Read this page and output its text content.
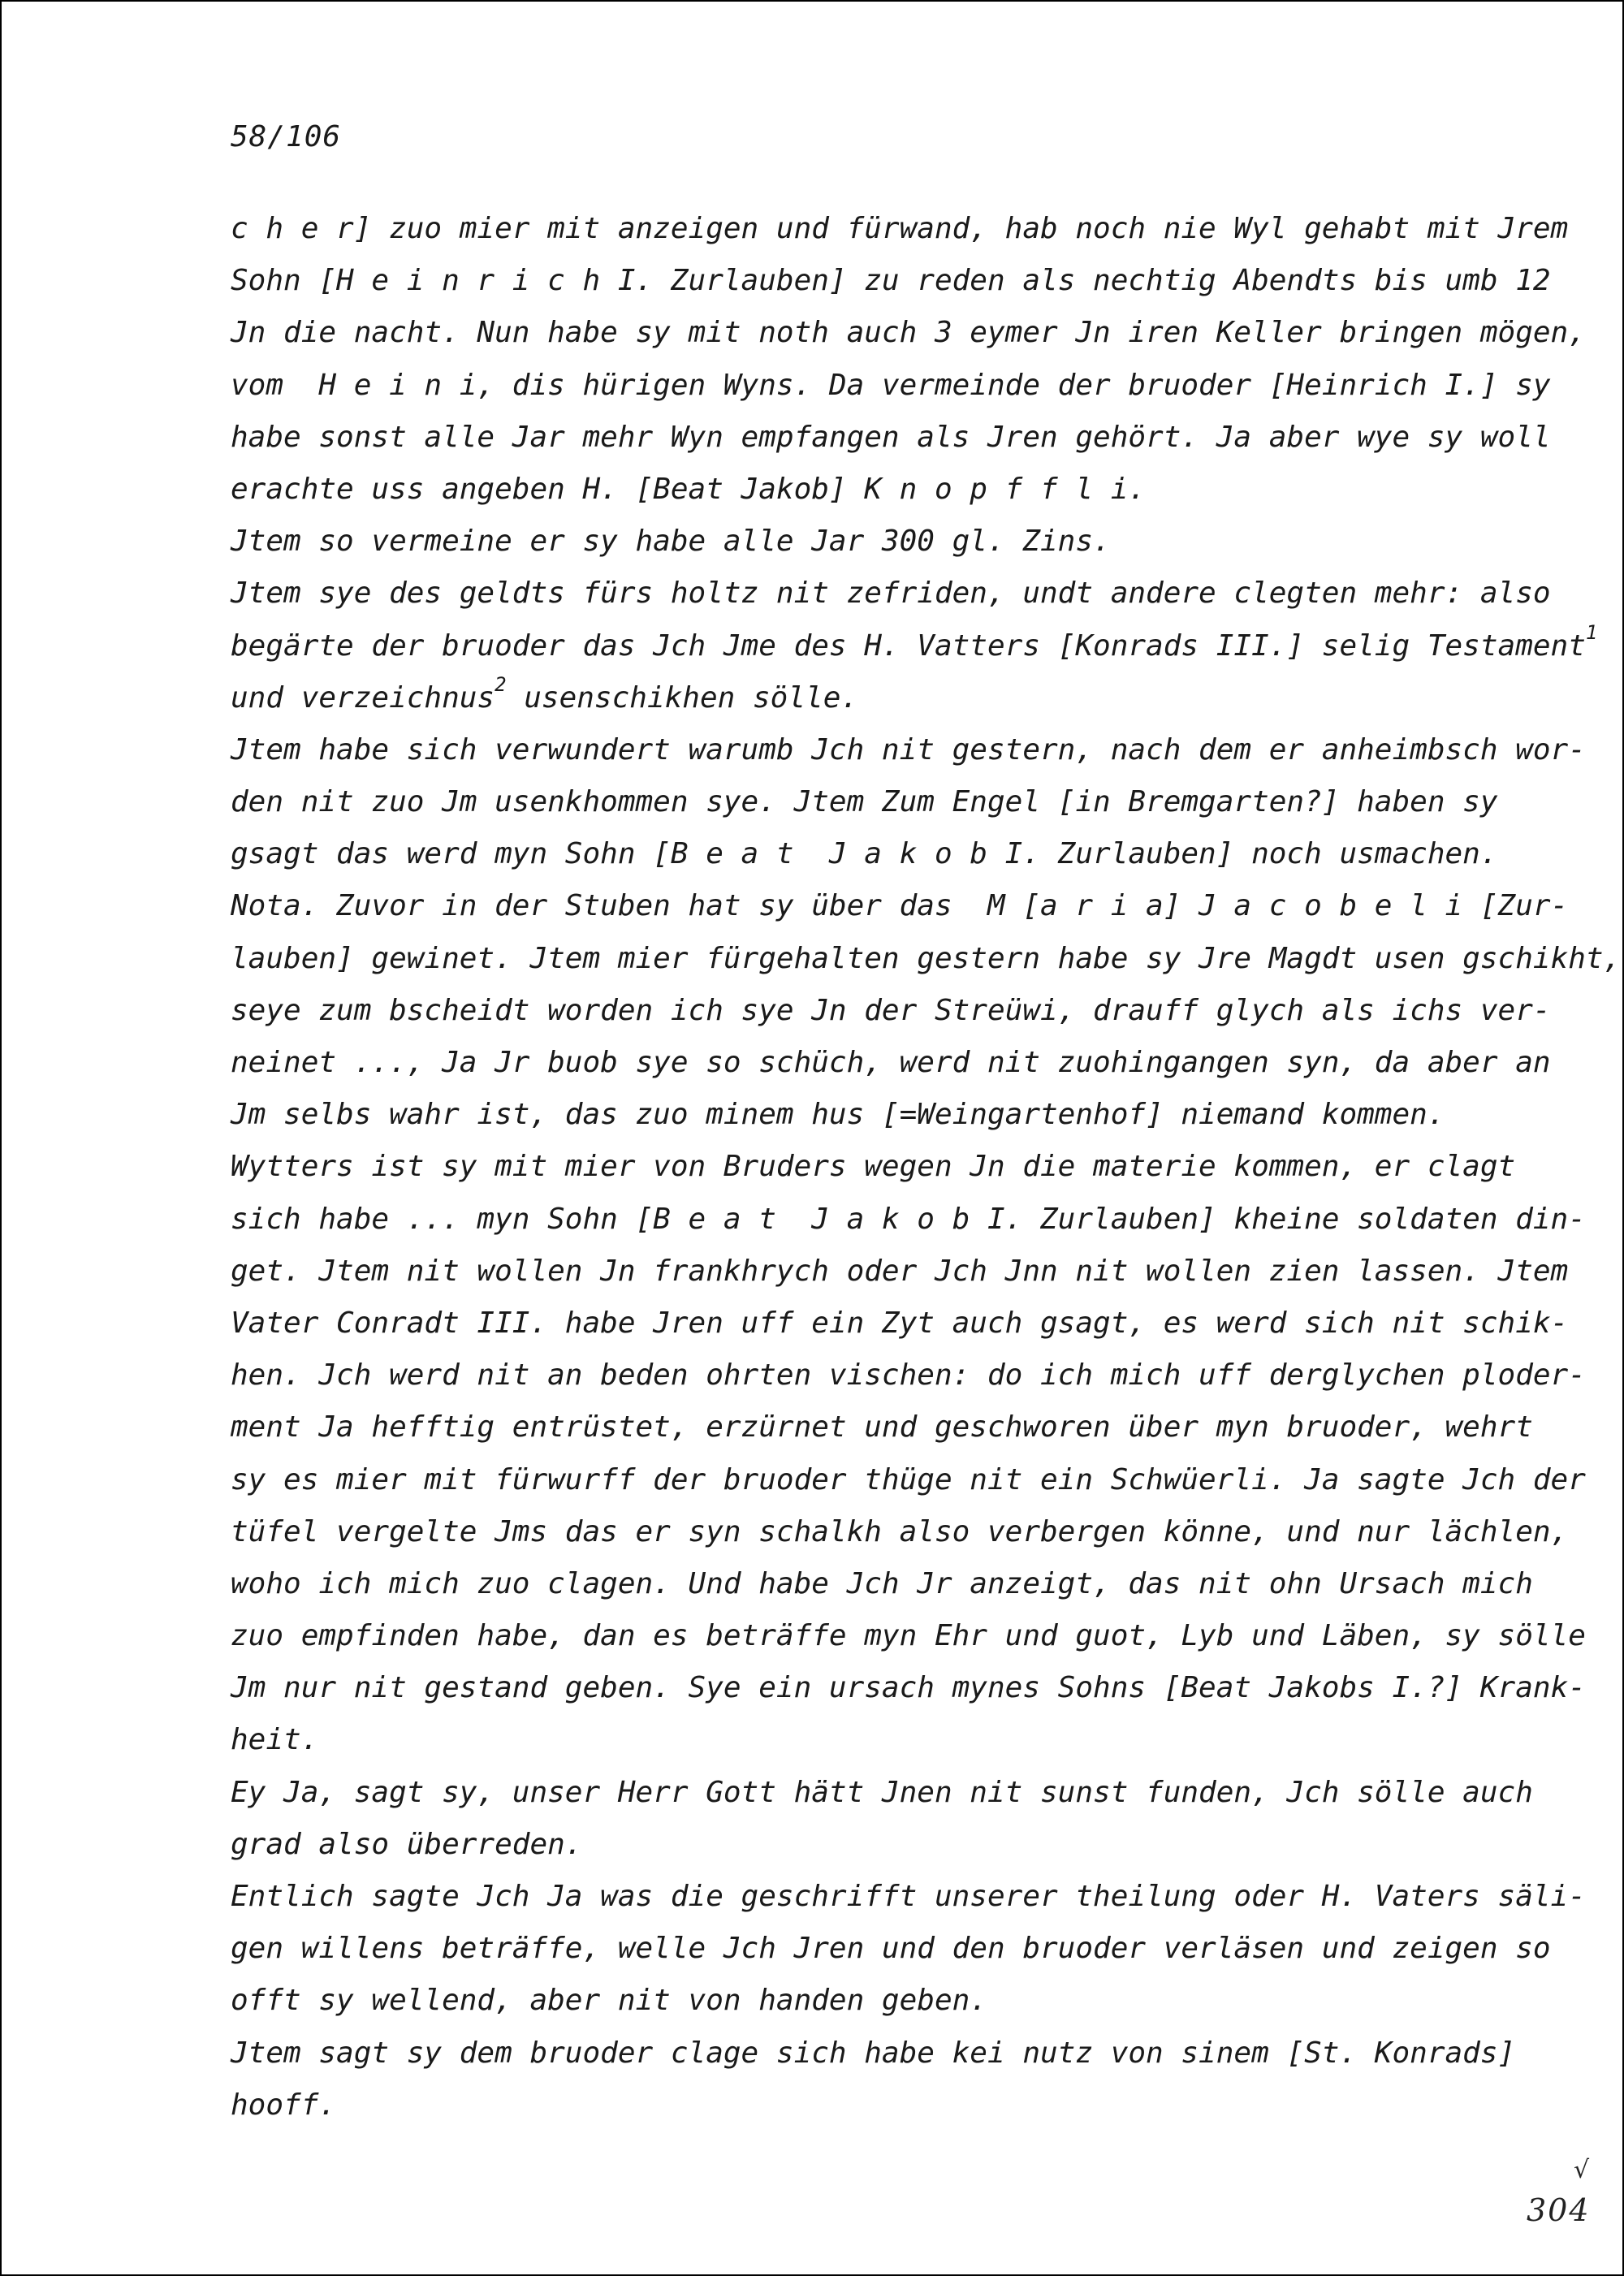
58/106
c h e r] zuo mier mit anzeigen und fürwand, hab noch nie Wyl gehabt mit Jrem
Sohn [H e i n r i c h I. Zurlauben] zu reden als nechtig Abendts bis umb 12
Jn die nacht. Nun habe sy mit noth auch 3 eymer Jn iren Keller bringen mögen,
vom  H e i n i, dis hürigen Wyns. Da vermeinde der bruoder [Heinrich I.] sy
habe sonst alle Jar mehr Wyn empfangen als Jren gehört. Ja aber wye sy woll
erachte uss angeben H. [Beat Jakob] K n o p f f l i.
Jtem so vermeine er sy habe alle Jar 300 gl. Zins.
Jtem sye des geldts fürs holtz nit zefriden, undt andere clegten mehr: also
begärte der bruoder das Jch Jme des H. Vatters [Konrads III.] selig Testament$^1$
und verzeichnus$^2$ usenschikhen sölle.
Jtem habe sich verwundert warumb Jch nit gestern, nach dem er anheimbsch wor-
den nit zuo Jm usenkhommen sye. Jtem Zum Engel [in Bremgarten?] haben sy
gsagt das werd myn Sohn [B e a t  J a k o b I. Zurlauben] noch usmachen.
Nota. Zuvor in der Stuben hat sy über das  M [a r i a] J a c o b e l i [Zur-
lauben] gewinet. Jtem mier fürgehalten gestern habe sy Jre Magdt usen gschikht,
seye zum bscheidt worden ich sye Jn der Streüwi, drauff glych als ichs ver-
neinet ..., Ja Jr buob sye so schüch, werd nit zuohingangen syn, da aber an
Jm selbs wahr ist, das zuo minem hus [=Weingartenhof] niemand kommen.
Wytters ist sy mit mier von Bruders wegen Jn die materie kommen, er clagt
sich habe ... myn Sohn [B e a t  J a k o b I. Zurlauben] kheine soldaten din-
get. Jtem nit wollen Jn frankhrych oder Jch Jnn nit wollen zien lassen. Jtem
Vater Conradt III. habe Jren uff ein Zyt auch gsagt, es werd sich nit schik-
hen. Jch werd nit an beden ohrten vischen: do ich mich uff derglychen ploder-
ment Ja hefftig entrüstet, erzürnet und geschworen über myn bruoder, wehrt
sy es mier mit fürwurff der bruoder thüge nit ein Schwüerli. Ja sagte Jch der
tüfel vergelte Jms das er syn schalkh also verbergen könne, und nur lächlen,
woho ich mich zuo clagen. Und habe Jch Jr anzeigt, das nit ohn Ursach mich
zuo empfinden habe, dan es beträffe myn Ehr und guot, Lyb und Läben, sy sölle
Jm nur nit gestand geben. Sye ein ursach mynes Sohns [Beat Jakobs I.?] Krank-
heit.
Ey Ja, sagt sy, unser Herr Gott hätt Jnen nit sunst funden, Jch sölle auch
grad also überreden.
Entlich sagte Jch Ja was die geschrifft unserer theilung oder H. Vaters säli-
gen willens beträffe, welle Jch Jren und den bruoder verläsen und zeigen so
offt sy wellend, aber nit von handen geben.
Jtem sagt sy dem bruoder clage sich habe kei nutz von sinem [St. Konrads]
hooff.
√
304
